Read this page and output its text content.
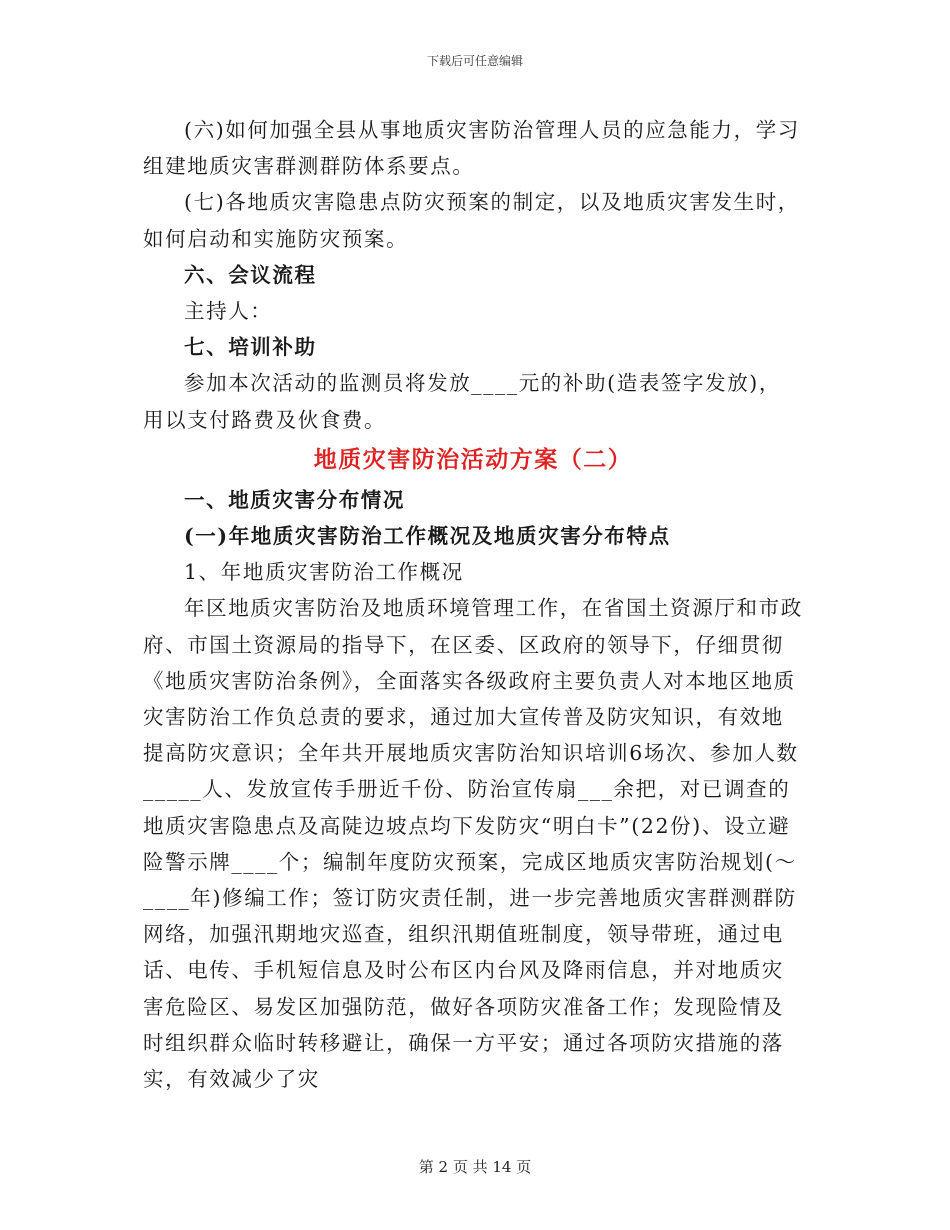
下载后可任意编辑

(六)如何加强全县从事地质灾害防治管理人员的应急能力，学习组建地质灾害群测群防体系要点。

(七)各地质灾害隐患点防灾预案的制定，以及地质灾害发生时，如何启动和实施防灾预案。

六、会议流程

主持人：

七、培训补助

参加本次活动的监测员将发放____元的补助(造表签字发放)，用以支付路费及伙食费。

地质灾害防治活动方案（二）

一、地质灾害分布情况

(一)年地质灾害防治工作概况及地质灾害分布特点

1、年地质灾害防治工作概况

年区地质灾害防治及地质环境管理工作，在省国土资源厅和市政府、市国土资源局的指导下，在区委、区政府的领导下，仔细贯彻《地质灾害防治条例》，全面落实各级政府主要负责人对本地区地质灾害防治工作负总责的要求，通过加大宣传普及防灾知识，有效地提高防灾意识；全年共开展地质灾害防治知识培训6场次、参加人数_____人、发放宣传手册近千份、防治宣传扇___余把，对已调查的地质灾害隐患点及高陡边坡点均下发防灾“明白卡”(22份)、设立避险警示牌____个；编制年度防灾预案，完成区地质灾害防治规划(～____年)修编工作；签订防灾责任制，进一步完善地质灾害群测群防网络，加强汛期地灾巡查，组织汛期值班制度，领导带班，通过电话、电传、手机短信息及时公布区内台风及降雨信息，并对地质灾害危险区、易发区加强防范，做好各项防灾准备工作；发现险情及时组织群众临时转移避让，确保一方平安；通过各项防灾措施的落实，有效减少了灾

第 2 页 共 14 页
